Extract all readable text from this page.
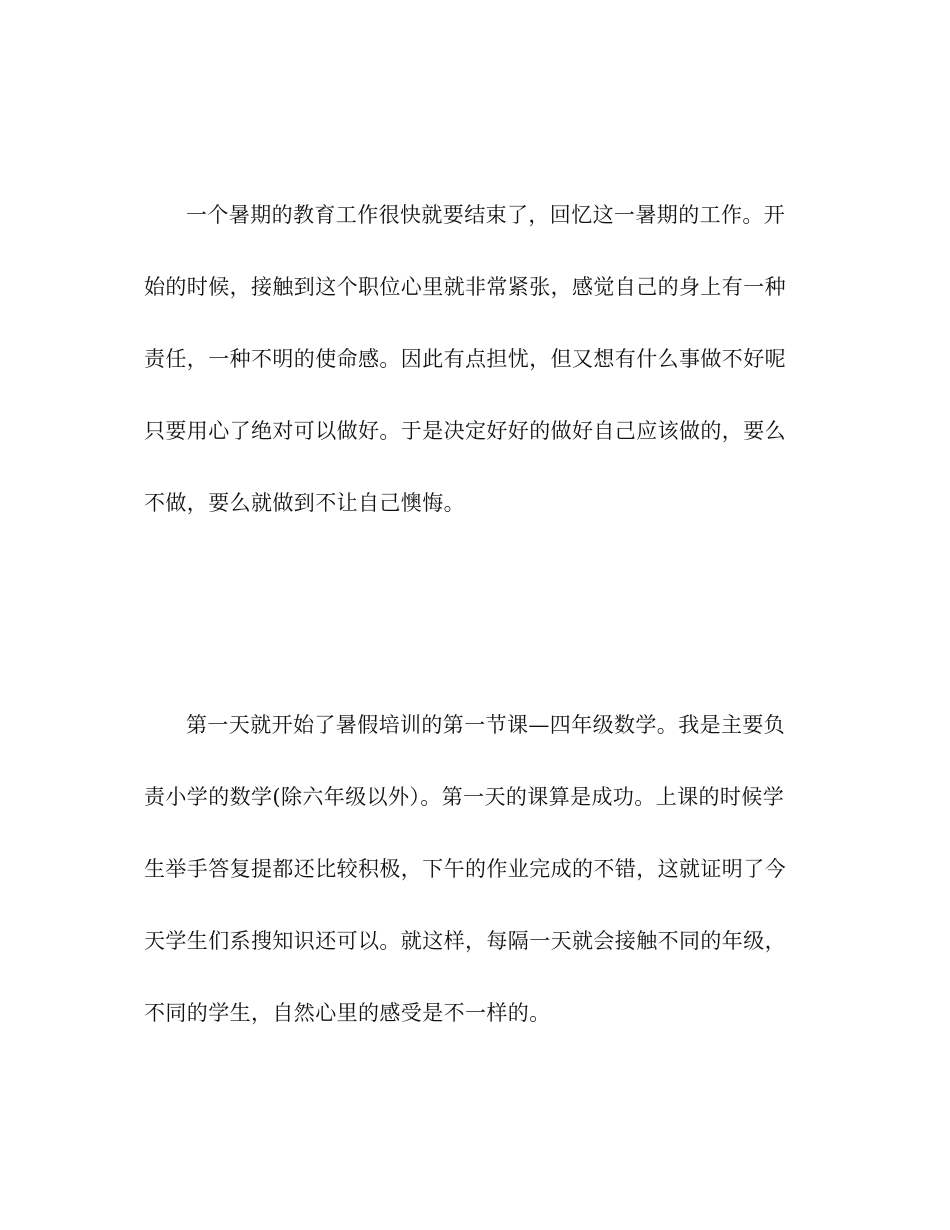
一个暑期的教育工作很快就要结束了，回忆这一暑期的工作。开
始的时候，接触到这个职位心里就非常紧张，感觉自己的身上有一种
责任，一种不明的使命感。因此有点担忧，但又想有什么事做不好呢
只要用心了绝对可以做好。于是决定好好的做好自己应该做的，要么
不做，要么就做到不让自己懊悔。
第一天就开始了暑假培训的第一节课—四年级数学。我是主要负
责小学的数学(除六年级以外）。第一天的课算是成功。上课的时候学
生举手答复提都还比较积极，下午的作业完成的不错，这就证明了今
天学生们系搜知识还可以。就这样，每隔一天就会接触不同的年级，
不同的学生，自然心里的感受是不一样的。
